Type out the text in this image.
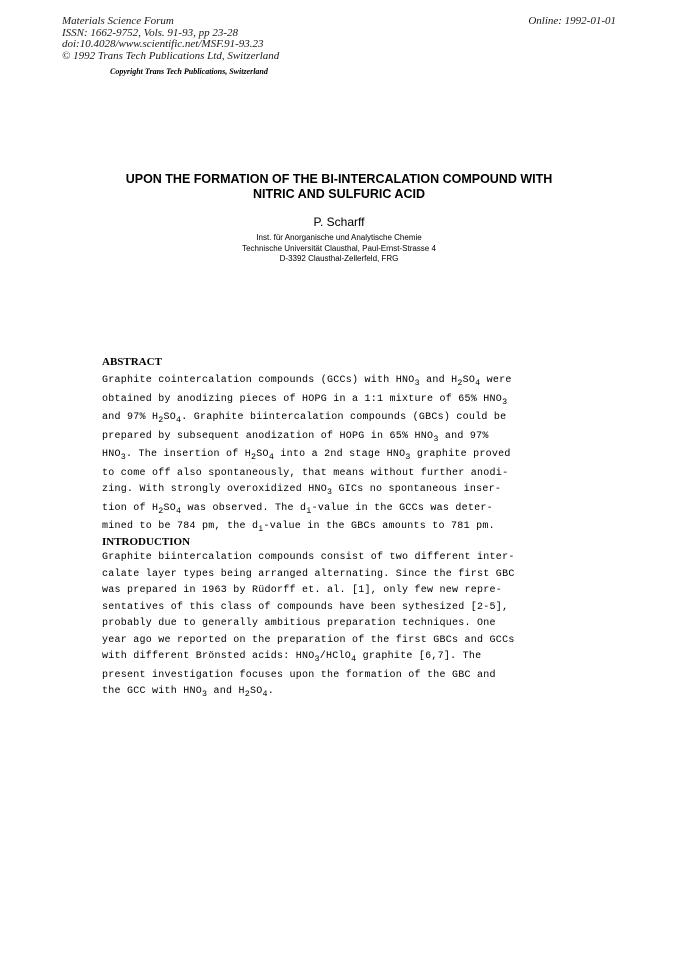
Materials Science Forum
ISSN: 1662-9752, Vols. 91-93, pp 23-28
doi:10.4028/www.scientific.net/MSF.91-93.23
© 1992 Trans Tech Publications Ltd, Switzerland
Online: 1992-01-01
Copyright Trans Tech Publications, Switzerland
UPON THE FORMATION OF THE BI-INTERCALATION COMPOUND WITH
NITRIC AND SULFURIC ACID
P. Scharff
Inst. für Anorganische und Analytische Chemie
Technische Universität Clausthal, Paul-Ernst-Strasse 4
D-3392 Clausthal-Zellerfeld, FRG
ABSTRACT
Graphite cointercalation compounds (GCCs) with $HNO_3$ and $H_2SO_4$ were
obtained by anodizing pieces of HOPG in a 1:1 mixture of 65% $HNO_3$
and 97% $H_2SO_4$. Graphite biintercalation compounds (GBCs) could be
prepared by subsequent anodization of HOPG in 65% $HNO_3$ and 97%
$HNO_3$. The insertion of $H_2SO_4$ into a 2nd stage $HNO_3$ graphite proved
to come off also spontaneously, that means without further anodi-
zing. With strongly overoxidized $HNO_3$ GICs no spontaneous inser-
tion of $H_2SO_4$ was observed. The $d_i$-value in the GCCs was deter-
mined to be 784 pm, the $d_i$-value in the GBCs amounts to 781 pm.
INTRODUCTION
Graphite biintercalation compounds consist of two different inter-
calate layer types being arranged alternating. Since the first GBC
was prepared in 1963 by Rüdorff et. al. [1], only few new repre-
sentatives of this class of compounds have been sythesized [2-5],
probably due to generally ambitious preparation techniques. One
year ago we reported on the preparation of the first GBCs and GCCs
with different Brönsted acids: $HNO_3/HClO_4$ graphite [6,7]. The
present investigation focuses upon the formation of the GBC and
the GCC with $HNO_3$ and $H_2SO_4$.
